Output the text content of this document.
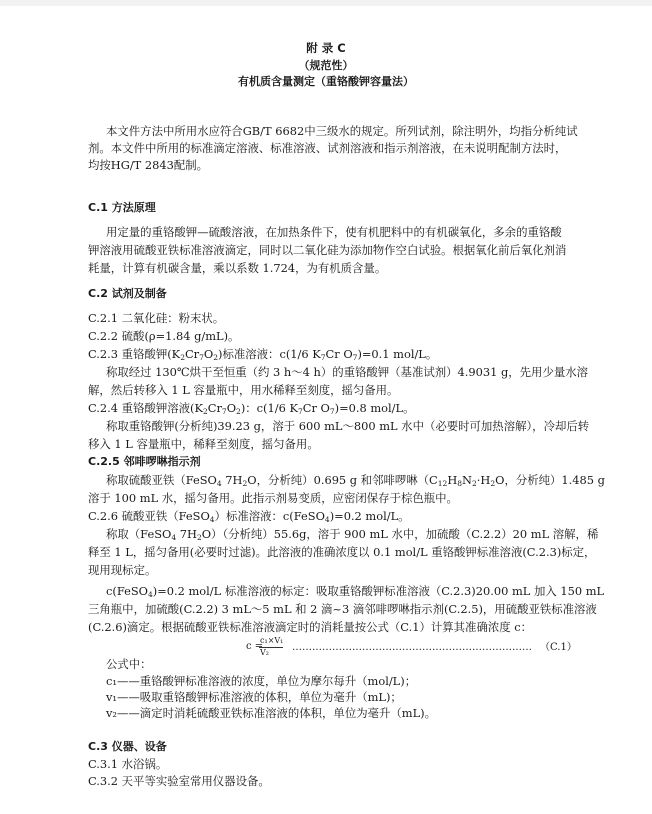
附 录 C
（规范性）
有机质含量测定（重铬酸钾容量法）
本文件方法中所用水应符合GB/T 6682中三级水的规定。所列试剂，除注明外，均指分析纯试
剂。本文件中所用的标准滴定溶液、标准溶液、试剂溶液和指示剂溶液，在未说明配制方法时，
均按HG/T 2843配制。
C.1 方法原理
用定量的重铬酸钾—硫酸溶液，在加热条件下，使有机肥料中的有机碳氧化，多余的重铬酸
钾溶液用硫酸亚铁标准溶液滴定，同时以二氧化硅为添加物作空白试验。根据氧化前后氧化剂消
耗量，计算有机碳含量，乘以系数 1.724，为有机质含量。
C.2 试剂及制备
C.2.1 二氧化硅：粉末状。
C.2.2 硫酸(ρ=1.84 g/mL)。
C.2.3 重铬酸钾$(K_2Cr_7O_2)$标准溶液：c(1/6 $K_7Cr$ $O_7)=0.1$ mol/L。
称取经过 130℃烘干至恒重（约 3 h～4 h）的重铬酸钾（基准试剂）4.9031 g，先用少量水溶
解，然后转移入 1 L 容量瓶中，用水稀释至刻度，摇匀备用。
C.2.4 重铬酸钾溶液$(K_2Cr_7O_2)$：c(1/6 $K_7Cr$ $O_7)=0.8$ mol/L。
称取重铬酸钾(分析纯)39.23 g，溶于 600 mL～800 mL 水中（必要时可加热溶解），冷却后转
移入 1 L 容量瓶中，稀释至刻度，摇匀备用。
C.2.5 邻啡啰啉指示剂
称取硫酸亚铁（FeSO$_4$ $7H_2O$，分析纯）0.695 g 和邻啡啰啉（$C_{12}H_8N_2\cdot H_2O$，分析纯）1.485 g
溶于 100 mL 水，摇匀备用。此指示剂易变质，应密闭保存于棕色瓶中。
C.2.6 硫酸亚铁（FeSO$_4$）标准溶液：c(FeSO$_4$)=0.2 mol/L。
称取（FeSO$_4$ $7H_2O$）（分析纯）55.6g，溶于 900 mL 水中，加硫酸（C.2.2）20 mL 溶解，稀
释至 1 L，摇匀备用(必要时过滤)。此溶液的准确浓度以 0.1 mol/L 重铬酸钾标准溶液(C.2.3)标定，
现用现标定。
c(FeSO$_4$)=0.2 mol/L 标准溶液的标定：吸取重铬酸钾标准溶液（C.2.3)20.00 mL 加入 150 mL
三角瓶中，加硫酸(C.2.2) 3 mL～5 mL 和 2 滴~3 滴邻啡啰啉指示剂(C.2.5)，用硫酸亚铁标准溶液
(C.2.6)滴定。根据硫酸亚铁标准溶液滴定时的消耗量按公式（C.1）计算其准确浓度 c：
c =
c₁×V₁
V₂ ……………………………………………………………… （C.1）
公式中：
c₁——重铬酸钾标准溶液的浓度，单位为摩尔每升（mol/L)；
v₁——吸取重铬酸钾标准溶液的体积，单位为毫升（mL)；
v₂——滴定时消耗硫酸亚铁标准溶液的体积，单位为毫升（mL)。
C.3 仪器、设备
C.3.1 水浴锅。
C.3.2 天平等实验室常用仪器设备。
